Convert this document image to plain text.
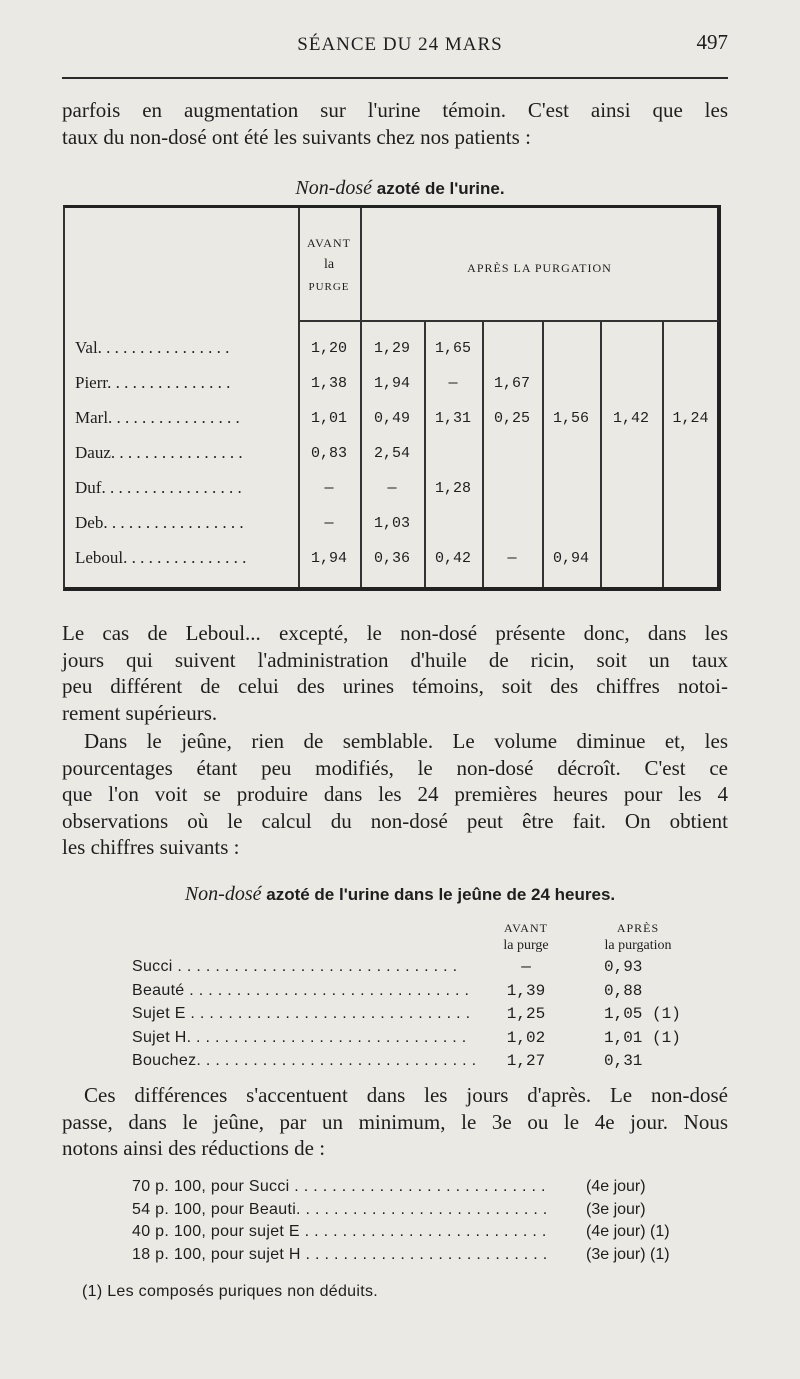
SÉANCE DU 24 MARS	497
parfois en augmentation sur l'urine témoin. C'est ainsi que les
taux du non-dosé ont été les suivants chez nos patients :
Non-dosé azoté de l'urine.
AVANT
la
PURGE
APRÈS LA PURGATION
Val. . . . . . . . . . . . . . . .	1,20	1,29	1,65
Pierr. . . . . . . . . . . . . . .	1,38	1,94	—	1,67
Marl. . . . . . . . . . . . . . . .	1,01	0,49	1,31	0,25	1,56	1,42	1,24
Dauz. . . . . . . . . . . . . . . .	0,83	2,54
Duf. . . . . . . . . . . . . . . . .	—	—	1,28
Deb. . . . . . . . . . . . . . . . .	—	1,03
Leboul. . . . . . . . . . . . . . .	1,94	0,36	0,42	—	0,94
Le cas de Leboul... excepté, le non-dosé présente donc, dans les
jours qui suivent l'administration d'huile de ricin, soit un taux
peu différent de celui des urines témoins, soit des chiffres notoi-
rement supérieurs.
Dans le jeûne, rien de semblable. Le volume diminue et, les
pourcentages étant peu modifiés, le non-dosé décroît. C'est ce
que l'on voit se produire dans les 24 premières heures pour les 4
observations où le calcul du non-dosé peut être fait. On obtient
les chiffres suivants :
Non-dosé azoté de l'urine dans le jeûne de 24 heures.
AVANT
la purge
APRÈS
la purgation
Succi . . . . . . . . . . . . . . . . . . . . . . . . . . . . . .	—	0,93
Beauté . . . . . . . . . . . . . . . . . . . . . . . . . . . . . .	1,39	0,88
Sujet E . . . . . . . . . . . . . . . . . . . . . . . . . . . . . .	1,25	1,05 (1)
Sujet H. . . . . . . . . . . . . . . . . . . . . . . . . . . . . .	1,02	1,01 (1)
Bouchez. . . . . . . . . . . . . . . . . . . . . . . . . . . . . .	1,27	0,31
Ces différences s'accentuent dans les jours d'après. Le non-dosé
passe, dans le jeûne, par un minimum, le 3e ou le 4e jour. Nous
notons ainsi des réductions de :
70 p. 100, pour Succi . . . . . . . . . . . . . . . . . . . . . . . . . . .	(4e jour)
54 p. 100, pour Beauti. . . . . . . . . . . . . . . . . . . . . . . . . . .	(3e jour)
40 p. 100, pour sujet E . . . . . . . . . . . . . . . . . . . . . . . . . .	(4e jour) (1)
18 p. 100, pour sujet H . . . . . . . . . . . . . . . . . . . . . . . . . .	(3e jour) (1)
(1) Les composés puriques non déduits.
